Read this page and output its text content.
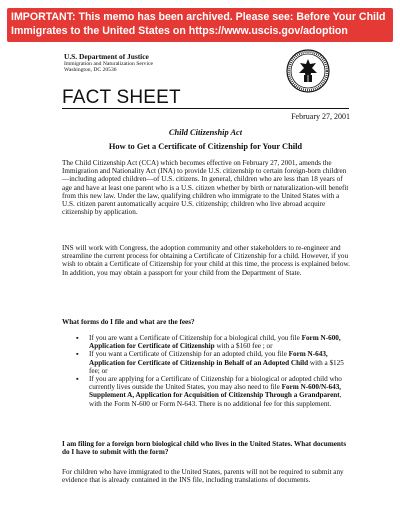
IMPORTANT: This memo has been archived. Please see: Before Your Child
Immigrates to the United States on https://www.uscis.gov/adoption
U.S. Department of Justice
Immigration and Naturalization Service
Washington, DC 20536
FACT SHEET
February 27, 2001
Child Citizenship Act
How to Get a Certificate of Citizenship for Your Child
The Child Citizenship Act (CCA) which becomes effective on February 27, 2001, amends the Immigration and Nationality Act (INA) to provide U.S. citizenship to certain foreign-born children—including adopted children—of U.S. citizens. In general, children who are less than 18 years of age and have at least one parent who is a U.S. citizen whether by birth or naturalization-will benefit from this new law. Under the law, qualifying children who immigrate to the United States with a U.S. citizen parent automatically acquire U.S. citizenship; children who live abroad acquire citizenship by application.
INS will work with Congress, the adoption community and other stakeholders to re-engineer and streamline the current process for obtaining a Certificate of Citizenship for a child. However, if you wish to obtain a Certificate of Citizenship for your child at this time, the process is explained below. In addition, you may obtain a passport for your child from the Department of State.
What forms do I file and what are the fees?
▪ If you are want a Certificate of Citizenship for a biological child, you file Form N-600, Application for Certificate of Citizenship with a $160 fee ; or
▪ If you want a Certificate of Citizenship for an adopted child, you file Form N-643, Application for Certificate of Citizenship in Behalf of an Adopted Child with a $125 fee; or
▪ If you are applying for a Certificate of Citizenship for a biological or adopted child who currently lives outside the United States, you may also need to file Form N-600/N-643, Supplement A, Application for Acquisition of Citizenship Through a Grandparent, with the Form N-600 or Form N-643. There is no additional fee for this supplement.
I am filing for a foreign born biological child who lives in the United States. What documents do I have to submit with the form?
For children who have immigrated to the United States, parents will not be required to submit any evidence that is already contained in the INS file, including translations of documents.
